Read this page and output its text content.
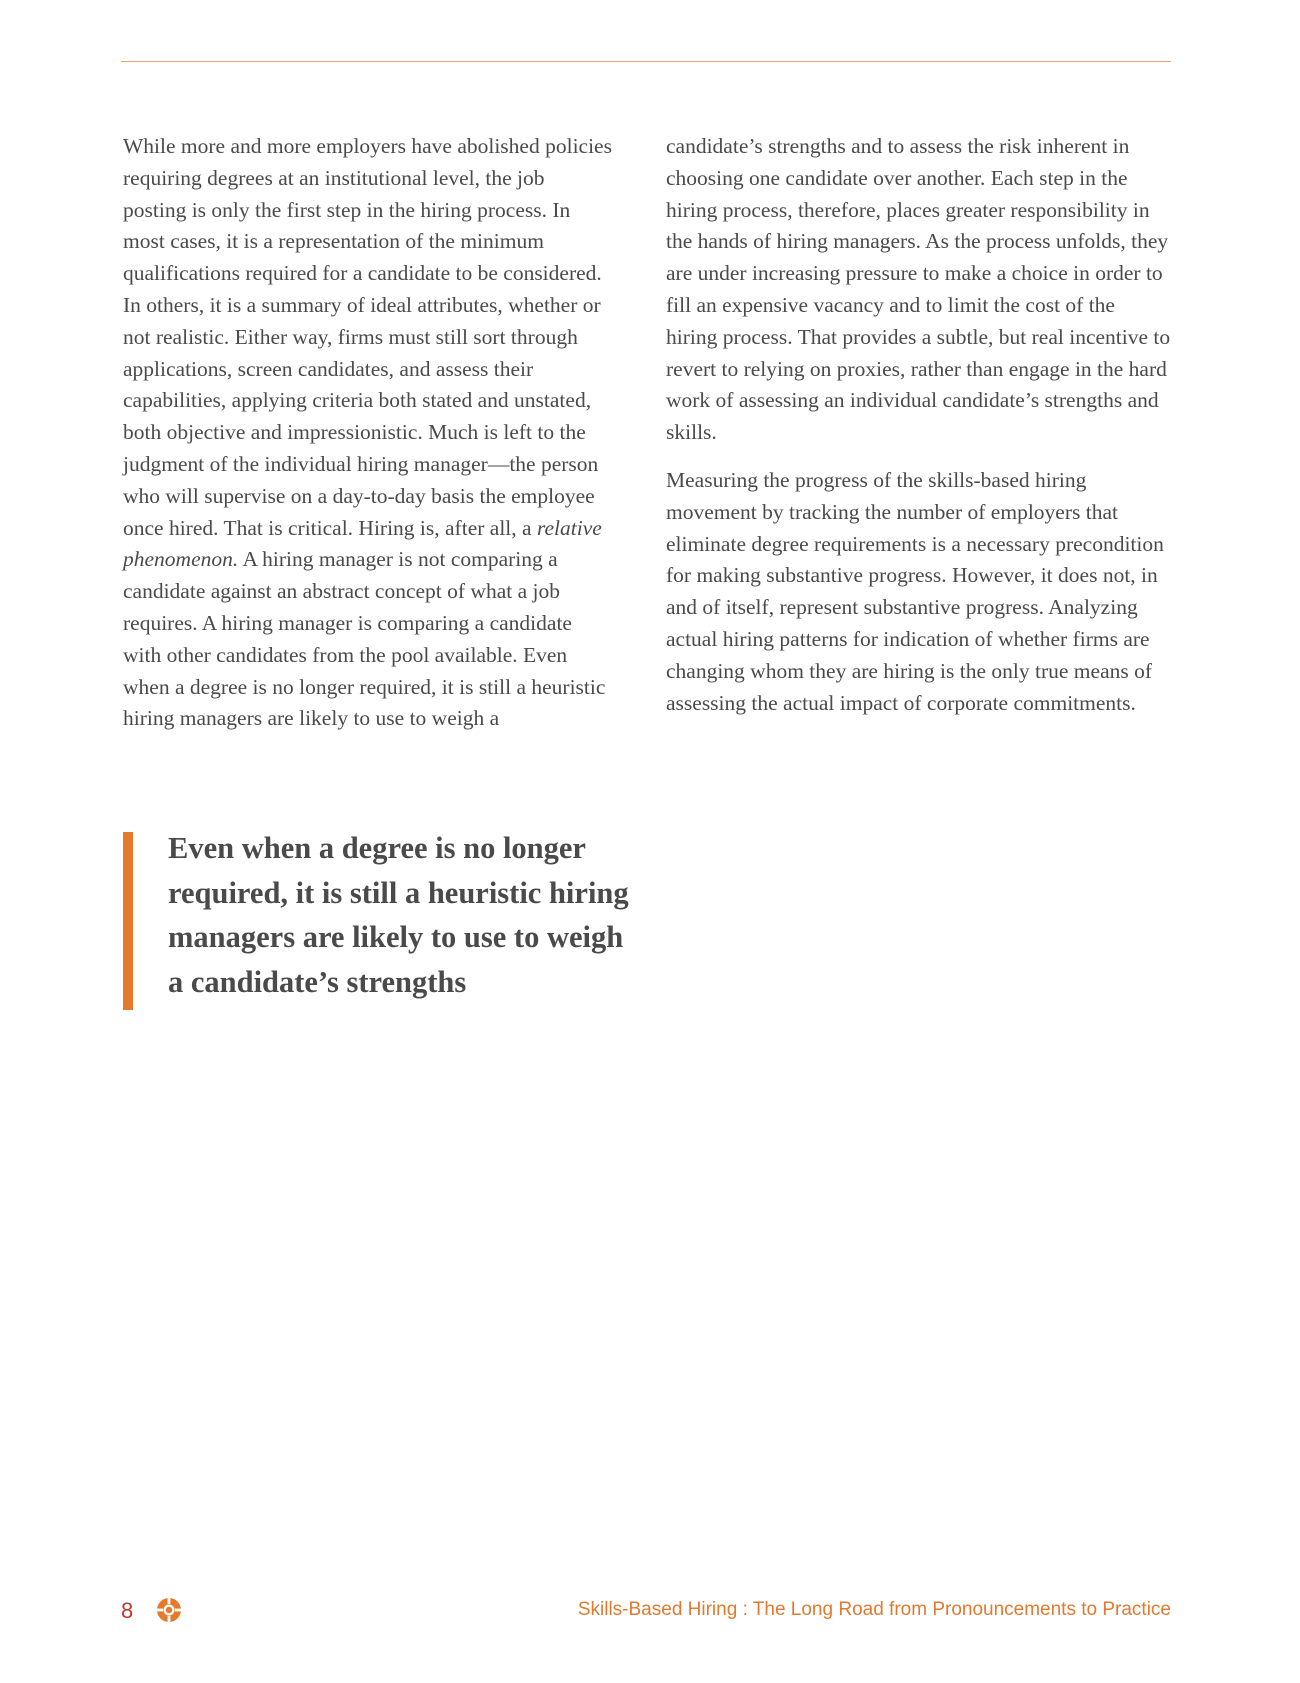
While more and more employers have abolished policies requiring degrees at an institutional level, the job posting is only the first step in the hiring process. In most cases, it is a representation of the minimum qualifications required for a candidate to be considered. In others, it is a summary of ideal attributes, whether or not realistic. Either way, firms must still sort through applications, screen candidates, and assess their capabilities, applying criteria both stated and unstated, both objective and impressionistic. Much is left to the judgment of the individual hiring manager—the person who will supervise on a day-to-day basis the employee once hired. That is critical. Hiring is, after all, a relative phenomenon. A hiring manager is not comparing a candidate against an abstract concept of what a job requires. A hiring manager is comparing a candidate with other candidates from the pool available. Even when a degree is no longer required, it is still a heuristic hiring managers are likely to use to weigh a

candidate’s strengths and to assess the risk inherent in choosing one candidate over another. Each step in the hiring process, therefore, places greater responsibility in the hands of hiring managers. As the process unfolds, they are under increasing pressure to make a choice in order to fill an expensive vacancy and to limit the cost of the hiring process. That provides a subtle, but real incentive to revert to relying on proxies, rather than engage in the hard work of assessing an individual candidate’s strengths and skills.

Measuring the progress of the skills-based hiring movement by tracking the number of employers that eliminate degree requirements is a necessary precondition for making substantive progress. However, it does not, in and of itself, represent substantive progress. Analyzing actual hiring patterns for indication of whether firms are changing whom they are hiring is the only true means of assessing the actual impact of corporate commitments.

Even when a degree is no longer required, it is still a heuristic hiring managers are likely to use to weigh a candidate’s strengths

8	Skills-Based Hiring : The Long Road from Pronouncements to Practice
